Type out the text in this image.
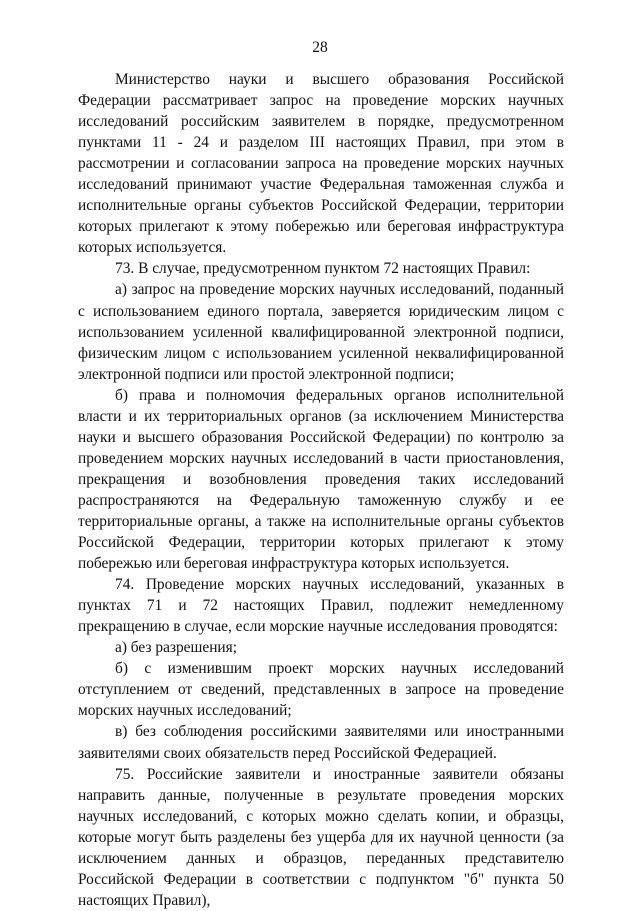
28

Министерство науки и высшего образования Российской Федерации рассматривает запрос на проведение морских научных исследований российским заявителем в порядке, предусмотренном пунктами 11 - 24 и разделом III настоящих Правил, при этом в рассмотрении и согласовании запроса на проведение морских научных исследований принимают участие Федеральная таможенная служба и исполнительные органы субъектов Российской Федерации, территории которых прилегают к этому побережью или береговая инфраструктура которых используется.

73. В случае, предусмотренном пунктом 72 настоящих Правил:

а) запрос на проведение морских научных исследований, поданный с использованием единого портала, заверяется юридическим лицом с использованием усиленной квалифицированной электронной подписи, физическим лицом с использованием усиленной неквалифицированной электронной подписи или простой электронной подписи;

б) права и полномочия федеральных органов исполнительной власти и их территориальных органов (за исключением Министерства науки и высшего образования Российской Федерации) по контролю за проведением морских научных исследований в части приостановления, прекращения и возобновления проведения таких исследований распространяются на Федеральную таможенную службу и ее территориальные органы, а также на исполнительные органы субъектов Российской Федерации, территории которых прилегают к этому побережью или береговая инфраструктура которых используется.

74. Проведение морских научных исследований, указанных в пунктах 71 и 72 настоящих Правил, подлежит немедленному прекращению в случае, если морские научные исследования проводятся:

а) без разрешения;

б) с изменившим проект морских научных исследований отступлением от сведений, представленных в запросе на проведение морских научных исследований;

в) без соблюдения российскими заявителями или иностранными заявителями своих обязательств перед Российской Федерацией.

75. Российские заявители и иностранные заявители обязаны направить данные, полученные в результате проведения морских научных исследований, с которых можно сделать копии, и образцы, которые могут быть разделены без ущерба для их научной ценности (за исключением данных и образцов, переданных представителю Российской Федерации в соответствии с подпунктом "б" пункта 50 настоящих Правил),
